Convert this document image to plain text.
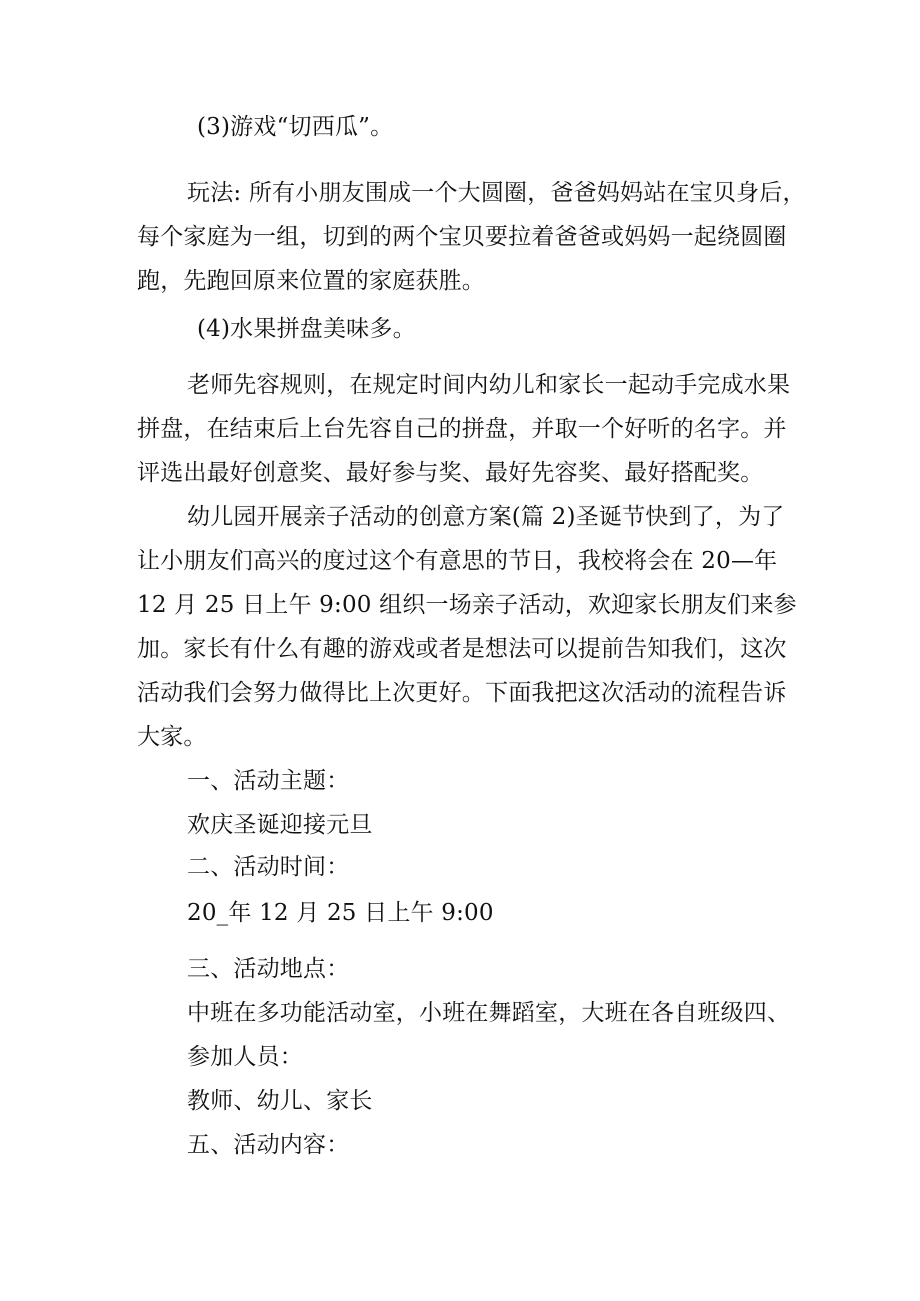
(3)游戏“切西瓜”。
玩法: 所有小朋友围成一个大圆圈，爸爸妈妈站在宝贝身后，
每个家庭为一组，切到的两个宝贝要拉着爸爸或妈妈一起绕圆圈
跑，先跑回原来位置的家庭获胜。
(4)水果拼盘美味多。
老师先容规则，在规定时间内幼儿和家长一起动手完成水果
拼盘，在结束后上台先容自己的拼盘，并取一个好听的名字。并
评选出最好创意奖、最好参与奖、最好先容奖、最好搭配奖。
幼儿园开展亲子活动的创意方案(篇 2)圣诞节快到了，为了
让小朋友们高兴的度过这个有意思的节日，我校将会在 20—年
12 月 25 日上午 9:00 组织一场亲子活动，欢迎家长朋友们来参
加。家长有什么有趣的游戏或者是想法可以提前告知我们，这次
活动我们会努力做得比上次更好。下面我把这次活动的流程告诉
大家。
一、活动主题：
欢庆圣诞迎接元旦
二、活动时间：
20_年 12 月 25 日上午 9:00
三、活动地点：
中班在多功能活动室，小班在舞蹈室，大班在各自班级四、
参加人员：
教师、幼儿、家长
五、活动内容：
